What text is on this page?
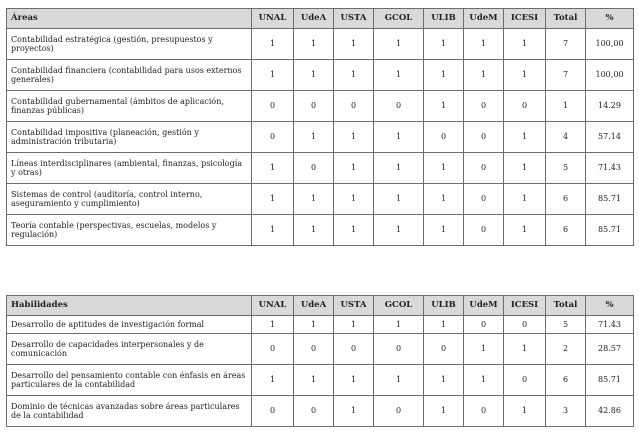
Áreas	UNAL	UdeA	USTA	GCOL	ULIB	UdeM	ICESI	Total	%
Contabilidad estratégica (gestión, presupuestos y proyectos)	1	1	1	1	1	1	1	7	100,00
Contabilidad financiera (contabilidad para usos externos generales)	1	1	1	1	1	1	1	7	100,00
Contabilidad gubernamental (ámbitos de aplicación, finanzas públicas)	0	0	0	0	1	0	0	1	14.29
Contabilidad impositiva (planeación, gestión y administración tributaria)	0	1	1	1	0	0	1	4	57.14
Líneas interdisciplinares (ambiental, finanzas, psicología y otras)	1	0	1	1	1	0	1	5	71.43
Sistemas de control (auditoría, control interno, aseguramiento y cumplimiento)	1	1	1	1	1	0	1	6	85.71
Teoría contable (perspectivas, escuelas, modelos y regulación)	1	1	1	1	1	0	1	6	85.71
Habilidades	UNAL	UdeA	USTA	GCOL	ULIB	UdeM	ICESI	Total	%
Desarrollo de aptitudes de investigación formal	1	1	1	1	1	0	0	5	71.43
Desarrollo de capacidades interpersonales y de comunicación	0	0	0	0	0	1	1	2	28.57
Desarrollo del pensamiento contable con énfasis en áreas particulares de la contabilidad	1	1	1	1	1	1	0	6	85.71
Dominio de técnicas avanzadas sobre áreas particulares de la contabilidad	0	0	1	0	1	0	1	3	42.86
